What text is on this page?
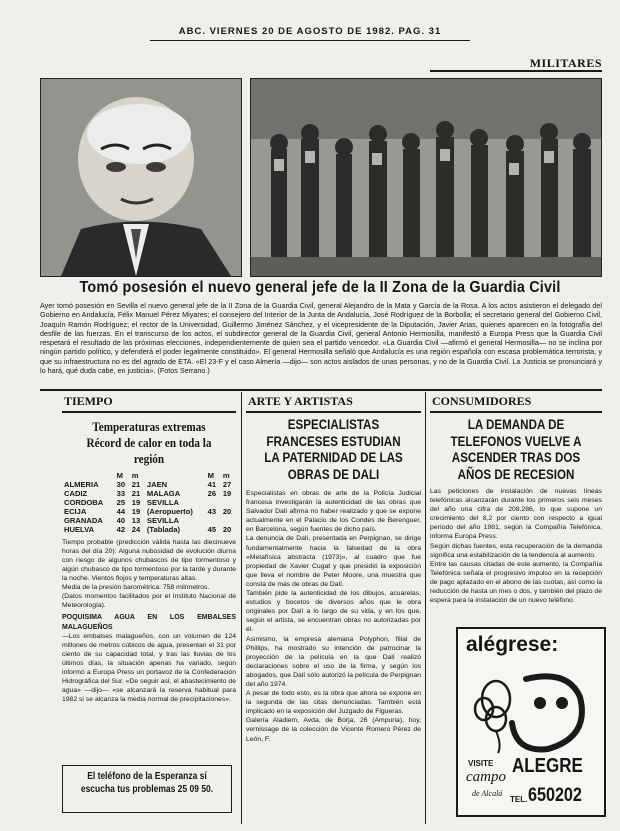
ABC. VIERNES 20 DE AGOSTO DE 1982. PAG. 31
MILITARES
Tomó posesión el nuevo general jefe de la II Zona de la Guardia Civil
Ayer tomó posesión en Sevilla el nuevo general jefe de la II Zona de la Guardia Civil, general Alejandro de la Mata y García de la Rosa. A los actos asistieron el delegado del Gobierno en Andalucía, Félix Manuel Pérez Miyares; el consejero del Interior de la Junta de Andalucía, José Rodríguez de la Borbolla; el secretario general del Gobierno Civil, Joaquín Ramón Rodríguez; el rector de la Universidad, Guillermo Jiménez Sánchez, y el vicepresidente de la Diputación, Javier Arias, quienes aparecen en la fotografía del desfile de las fuerzas. En el transcurso de los actos, el subdirector general de la Guardia Civil, general Antonio Hermosilla, manifestó a Europa Press que la Guardia Civil respetará el resultado de las próximas elecciones, independientemente de quien sea el partido vencedor. «La Guardia Civil —afirmó el general Hermosilla— no se inclina por ningún partido político, y defenderá el poder legalmente constituido». El general Hermosilla señaló que Andalucía es una región española con escasa problemática terrorista, y que su infraestructura no es del agrado de ETA. «El 23-F y el caso Almería —dijo— son actos aislados de unas personas, y no de la Guardia Civil. La Justicia se pronunciará y lo hará, qué duda cabe, en justicia». (Fotos Serrano.)
TIEMPO
Temperaturas extremas Récord de calor en toda la región
	M	m		M	m
ALMERIA	30	21	JAEN	41	27
CADIZ	33	21	MALAGA	26	19
CORDOBA	25	19	SEVILLA		
ECIJA	44	19	(Aeropuerto)	43	20
GRANADA	40	13	SEVILLA		
HUELVA	42	24	(Tablada)	45	20
Tiempo probable (predicción válida hasta las diecinueve horas del día 20): Alguna nubosidad de evolución diurna con riesgo de algunos chubascos de tipo tormentoso y algún chubasco de tipo tormentoso por la tarde y durante la noche. Vientos flojos y temperaturas altas.
Media de la presión barométrica: 758 milímetros.
(Datos momentos facilitados por el Instituto Nacional de Meteorología).
POQUISIMA AGUA EN LOS EMBALSES MALAGUEÑOS
—Los embalses malagueños, con un volumen de 124 millones de metros cúbicos de agua, presentan el 31 por ciento de su capacidad total, y tras las lluvias de los últimos días, la situación apenas ha variado, según informó a Europa Press un portavoz de la Confederación Hidrográfica del Sur. «De seguir así, el abastecimiento de agua» —dijo— «se alcanzará la reserva habitual para 1982 si se alcanza la media normal de precipitaciones».
El teléfono de la Esperanza sí escucha tus problemas 25 09 50.
ARTE Y ARTISTAS
ESPECIALISTAS FRANCESES ESTUDIAN LA PATERNIDAD DE LAS OBRAS DE DALI
Especialistas en obras de arte de la Policía Judicial francesa investigarán la autenticidad de las obras que Salvador Dalí afirma no haber realizado y que se expone actualmente en el Palacio de los Condes de Berenguer, en Barcelona, según fuentes de dicho país.
La denuncia de Dalí, presentada en Perpignan, se dirige fundamentalmente hacia la falsedad de la obra «Metafísica abstracta (1973)», al cuadro que fue propiedad de Xavier Cugat y que presidió la exposición que lleva el nombre de Peter Moore, una muestra que consta de más de obras de Dalí.
También pide la autenticidad de los dibujos, acuarelas, estudios y bocetos de diversos años que le obra originales por Dalí a lo largo de su vida, y en los que, según el artista, se encuentran obras no autorizadas por él.
Asimismo, la empresa alemana Polyphon, filial de Phillips, ha mostrado su intención de patrocinar la proyección de la película en la que Dalí realizó declaraciones sobre el uso de la firma, y según los abogados, que Dalí sólo autorizó la película de Perpignan del año 1974.
A pesar de todo esto, es la obra que ahora se expone en la segunda de las citas denunciadas. También está implicado en la exposición del Juzgado de Figueras.
Galería Aladiem, Avda. de Borja, 26 (Ampuria), hoy, vernissage de la colección de Vicente Romero Pérez de León, F.
CONSUMIDORES
LA DEMANDA DE TELEFONOS VUELVE A ASCENDER TRAS DOS AÑOS DE RECESION
Las peticiones de instalación de nuevas líneas telefónicas alcanzarán durante los primeros seis meses del año una cifra de 208.286, lo que supone un crecimiento del 8,2 por ciento con respecto a igual período del año 1981, según la Compañía Telefónica, informa Europa Press.
Según dichas fuentes, esta recuperación de la demanda significa una estabilización de la tendencia al aumento.
Entre las causas citadas de este aumento, la Compañía Telefónica señala el progresivo impulso en la recepción de pago aplazado en el abono de las cuotas, así como la reducción de hasta un mes o dos, y también del plazo de espera para la instalación de un nuevo teléfono.
alégrese:
VISITE
campo ALEGRE
de Alcalá
TEL. 650202
